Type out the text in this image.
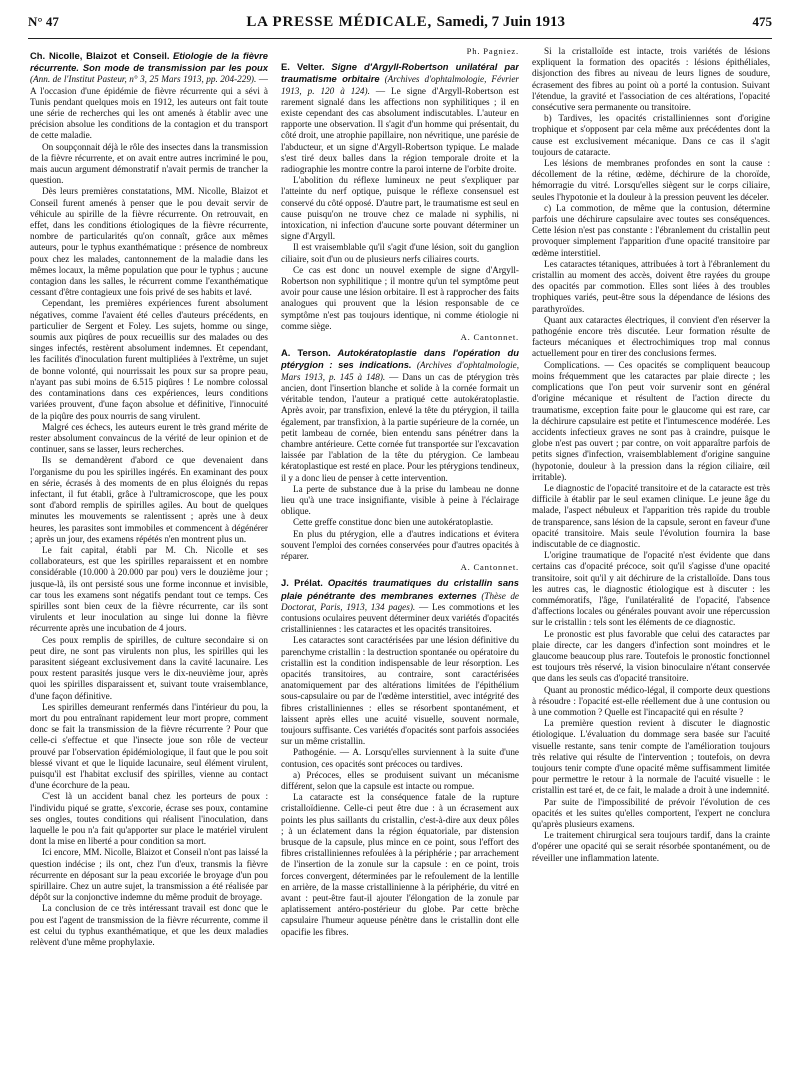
N° 47	LA PRESSE MÉDICALE, Samedi, 7 Juin 1913	475

Ch. Nicolle, Blaizot et Conseil. Etiologie de la fièvre récurrente. Son mode de transmission par les poux (Ann. de l'Institut Pasteur, n° 3, 25 Mars 1913, pp. 204-229). — A l'occasion d'une épidémie de fièvre récurrente qui a sévi à Tunis pendant quelques mois en 1912, les auteurs ont fait toute une série de recherches qui les ont amenés à établir avec une précision absolue les conditions de la contagion et du transport de cette maladie.

On soupçonnait déjà le rôle des insectes dans la transmission de la fièvre récurrente, et on avait entre autres incriminé le pou, mais aucun argument démonstratif n'avait permis de trancher la question.

Dès leurs premières constatations, MM. Nicolle, Blaizot et Conseil furent amenés à penser que le pou devait servir de véhicule au spirille de la fièvre récurrente. On retrouvait, en effet, dans les conditions étiologiques de la fièvre récurrente, nombre de particularités qu'on connaît, grâce aux mêmes auteurs, pour le typhus exanthématique : présence de nombreux poux chez les malades, cantonnement de la maladie dans les mêmes locaux, la même population que pour le typhus ; aucune contagion dans les salles, le récurrent comme l'exanthématique cessant d'être contagieux une fois privé de ses habits et lavé.

Cependant, les premières expériences furent absolument négatives, comme l'avaient été celles d'auteurs précédents, en particulier de Sergent et Foley. Les sujets, homme ou singe, soumis aux piqûres de poux recueillis sur des malades ou des singes infectés, restèrent absolument indemnes. Et cependant, les facilités d'inoculation furent multipliées à l'extrême, un sujet de bonne volonté, qui nourrissait les poux sur sa propre peau, n'ayant pas subi moins de 6.515 piqûres ! Le nombre colossal des contaminations dans ces expériences, leurs conditions variées prouvent, d'une façon absolue et définitive, l'innocuité de la piqûre des poux nourris de sang virulent.

Malgré ces échecs, les auteurs eurent le très grand mérite de rester absolument convaincus de la vérité de leur opinion et de continuer, sans se lasser, leurs recherches.

Ils se demandèrent d'abord ce que devenaient dans l'organisme du pou les spirilles ingérés. En examinant des poux en série, écrasés à des moments de en plus éloignés du repas infectant, il fut établi, grâce à l'ultramicroscope, que les poux sont d'abord remplis de spirilles agiles. Au bout de quelques minutes les mouvements se ralentissent ; après une à deux heures, les parasites sont immobiles et commencent à dégénérer ; après un jour, des examens répétés n'en montrent plus un.

Le fait capital, établi par M. Ch. Nicolle et ses collaborateurs, est que les spirilles reparaissent et en nombre considérable (10.000 à 20.000 par pou) vers le douzième jour ; jusque-là, ils ont persisté sous une forme inconnue et invisible, car tous les examens sont négatifs pendant tout ce temps. Ces spirilles sont bien ceux de la fièvre récurrente, car ils sont virulents et leur inoculation au singe lui donne la fièvre récurrente après une incubation de 4 jours.

Ces poux remplis de spirilles, de culture secondaire si on peut dire, ne sont pas virulents non plus, les spirilles qui les parasitent siégeant exclusivement dans la cavité lacunaire. Les poux restent parasités jusque vers le dix-neuvième jour, après quoi les spirilles disparaissent et, suivant toute vraisemblance, d'une façon définitive.

Les spirilles demeurant renfermés dans l'intérieur du pou, la mort du pou entraînant rapidement leur mort propre, comment donc se fait la transmission de la fièvre récurrente ? Pour que celle-ci s'effectue et que l'insecte joue son rôle de vecteur prouvé par l'observation épidémiologique, il faut que le pou soit blessé vivant et que le liquide lacunaire, seul élément virulent, puisqu'il est l'habitat exclusif des spirilles, vienne au contact d'une écorchure de la peau.

C'est là un accident banal chez les porteurs de poux : l'individu piqué se gratte, s'excorie, écrase ses poux, contamine ses ongles, toutes conditions qui réalisent l'inoculation, dans laquelle le pou n'a fait qu'apporter sur place le matériel virulent dont la mise en liberté a pour condition sa mort.

Ici encore, MM. Nicolle, Blaizot et Conseil n'ont pas laissé la question indécise ; ils ont, chez l'un d'eux, transmis la fièvre récurrente en déposant sur la peau excoriée le broyage d'un pou spirillaire. Chez un autre sujet, la transmission a été réalisée par dépôt sur la conjonctive indemne du même produit de broyage.

La conclusion de ce très intéressant travail est donc que le pou est l'agent de transmission de la fièvre récurrente, comme il est celui du typhus exanthématique, et que les deux maladies relèvent d'une même prophylaxie.

Ph. Pagniez.

E. Velter. Signe d'Argyll-Robertson unilatéral par traumatisme orbitaire (Archives d'ophtalmologie, Février 1913, p. 120 à 124). — Le signe d'Argyll-Robertson est rarement signalé dans les affections non syphilitiques ; il en existe cependant des cas absolument indiscutables. L'auteur en rapporte une observation. Il s'agit d'un homme qui présentait, du côté droit, une atrophie papillaire, non névritique, une parésie de l'abducteur, et un signe d'Argyll-Robertson typique. Le malade s'est tiré deux balles dans la région temporale droite et la radiographie les montre contre la paroi interne de l'orbite droite.

L'abolition du réflexe lumineux ne peut s'expliquer par l'atteinte du nerf optique, puisque le réflexe consensuel est conservé du côté opposé. D'autre part, le traumatisme est seul en cause puisqu'on ne trouve chez ce malade ni syphilis, ni intoxication, ni infection d'aucune sorte pouvant déterminer un signe d'Argyll.

Il est vraisemblable qu'il s'agit d'une lésion, soit du ganglion ciliaire, soit d'un ou de plusieurs nerfs ciliaires courts.

Ce cas est donc un nouvel exemple de signe d'Argyll-Robertson non syphilitique ; il montre qu'un tel symptôme peut avoir pour cause une lésion orbitaire. Il est à rapprocher des faits analogues qui prouvent que la lésion responsable de ce symptôme n'est pas toujours identique, ni comme étiologie ni comme siège.

A. Cantonnet.

A. Terson. Autokératoplastie dans l'opération du ptérygion : ses indications. (Archives d'ophtalmologie, Mars 1913, p. 145 à 148). — Dans un cas de ptérygion très ancien, dont l'insertion blanche et solide à la cornée formait un véritable tendon, l'auteur a pratiqué cette autokératoplastie. Après avoir, par transfixion, enlevé la tête du ptérygion, il tailla également, par transfixion, à la partie supérieure de la cornée, un petit lambeau de cornée, bien entendu sans pénétrer dans la chambre antérieure. Cette cornée fut transportée sur l'excavation laissée par l'ablation de la tête du ptérygion. Ce lambeau kératoplastique est resté en place. Pour les ptérygions tendineux, il y a donc lieu de penser à cette intervention.

La perte de substance due à la prise du lambeau ne donne lieu qu'à une trace insignifiante, visible à peine à l'éclairage oblique.

Cette greffe constitue donc bien une autokératoplastie.

En plus du ptérygion, elle a d'autres indications et évitera souvent l'emploi des cornées conservées pour d'autres opacités à réparer.

A. Cantonnet.

J. Prélat. Opacités traumatiques du cristallin sans plaie pénétrante des membranes externes (Thèse de Doctorat, Paris, 1913, 134 pages). — Les commotions et les contusions oculaires peuvent déterminer deux variétés d'opacités cristalliniennes : les cataractes et les opacités transitoires.

Les cataractes sont caractérisées par une lésion définitive du parenchyme cristallin : la destruction spontanée ou opératoire du cristallin est la condition indispensable de leur résorption. Les opacités transitoires, au contraire, sont caractérisées anatomiquement par des altérations limitées de l'épithélium sous-capsulaire ou par de l'œdème interstitiel, avec intégrité des fibres cristalliniennes : elles se résorbent spontanément, et laissent après elles une acuité visuelle, souvent normale, toujours suffisante. Ces variétés d'opacités sont parfois associées sur un même cristallin.

Pathogénie. — A. Lorsqu'elles surviennent à la suite d'une contusion, ces opacités sont précoces ou tardives.

a) Précoces, elles se produisent suivant un mécanisme différent, selon que la capsule est intacte ou rompue.

La cataracte est la conséquence fatale de la rupture cristalloïdienne. Celle-ci peut être due : à un écrasement aux points les plus saillants du cristallin, c'est-à-dire aux deux pôles ; à un éclatement dans la région équatoriale, par distension brusque de la capsule, plus mince en ce point, sous l'effort des fibres cristalliniennes refoulées à la périphérie ; par arrachement de l'insertion de la zonule sur la capsule : en ce point, trois forces convergent, déterminées par le refoulement de la lentille en arrière, de la masse cristallinienne à la périphérie, du vitré en avant : peut-être faut-il ajouter l'élongation de la zonule par aplatissement antéro-postérieur du globe. Par cette brèche capsulaire l'humeur aqueuse pénètre dans le cristallin dont elle opacifie les fibres.

Si la cristalloïde est intacte, trois variétés de lésions expliquent la formation des opacités : lésions épithéliales, disjonction des fibres au niveau de leurs lignes de soudure, écrasement des fibres au point où a porté la contusion. Suivant l'étendue, la gravité et l'association de ces altérations, l'opacité consécutive sera permanente ou transitoire.

b) Tardives, les opacités cristalliniennes sont d'origine trophique et s'opposent par cela même aux précédentes dont la cause est exclusivement mécanique. Dans ce cas il s'agit toujours de cataracte.

Les lésions de membranes profondes en sont la cause : décollement de la rétine, œdème, déchirure de la choroïde, hémorragie du vitré. Lorsqu'elles siègent sur le corps ciliaire, seules l'hypotonie et la douleur à la pression peuvent les déceler.

c) La commotion, de même que la contusion, détermine parfois une déchirure capsulaire avec toutes ses conséquences. Cette lésion n'est pas constante : l'ébranlement du cristallin peut provoquer simplement l'apparition d'une opacité transitoire par œdème interstitiel.

Les cataractes tétaniques, attribuées à tort à l'ébranlement du cristallin au moment des accès, doivent être rayées du groupe des opacités par commotion. Elles sont liées à des troubles trophiques variés, peut-être sous la dépendance de lésions des parathyroïdes.

Quant aux cataractes électriques, il convient d'en réserver la pathogénie encore très discutée. Leur formation résulte de facteurs mécaniques et électrochimiques trop mal connus actuellement pour en tirer des conclusions fermes.

Complications. — Ces opacités se compliquent beaucoup moins fréquemment que les cataractes par plaie directe ; les complications que l'on peut voir survenir sont en général d'origine mécanique et résultent de l'action directe du traumatisme, exception faite pour le glaucome qui est rare, car la déchirure capsulaire est petite et l'intumescence modérée. Les accidents infectieux graves ne sont pas à craindre, puisque le globe n'est pas ouvert ; par contre, on voit apparaître parfois de petits signes d'infection, vraisemblablement d'origine sanguine (hypotonie, douleur à la pression dans la région ciliaire, œil irritable).

Le diagnostic de l'opacité transitoire et de la cataracte est très difficile à établir par le seul examen clinique. Le jeune âge du malade, l'aspect nébuleux et l'apparition très rapide du trouble de transparence, sans lésion de la capsule, seront en faveur d'une opacité transitoire. Mais seule l'évolution fournira la base indiscutable de ce diagnostic.

L'origine traumatique de l'opacité n'est évidente que dans certains cas d'opacité précoce, soit qu'il s'agisse d'une opacité transitoire, soit qu'il y ait déchirure de la cristalloïde. Dans tous les autres cas, le diagnostic étiologique est à discuter : les commémoratifs, l'âge, l'unilatéralité de l'opacité, l'absence d'affections locales ou générales pouvant avoir une répercussion sur le cristallin : tels sont les éléments de ce diagnostic.

Le pronostic est plus favorable que celui des cataractes par plaie directe, car les dangers d'infection sont moindres et le glaucome beaucoup plus rare. Toutefois le pronostic fonctionnel est toujours très réservé, la vision binoculaire n'étant conservée que dans les seuls cas d'opacité transitoire.

Quant au pronostic médico-légal, il comporte deux questions à résoudre : l'opacité est-elle réellement due à une contusion ou à une commotion ? Quelle est l'incapacité qui en résulte ?

La première question revient à discuter le diagnostic étiologique. L'évaluation du dommage sera basée sur l'acuité visuelle restante, sans tenir compte de l'amélioration toujours très relative qui résulte de l'intervention ; toutefois, on devra toujours tenir compte d'une opacité même suffisamment limitée pour permettre le retour à la normale de l'acuité visuelle : le cristallin est taré et, de ce fait, le malade a droit à une indemnité.

Par suite de l'impossibilité de prévoir l'évolution de ces opacités et les suites qu'elles comportent, l'expert ne conclura qu'après plusieurs examens.

Le traitement chirurgical sera toujours tardif, dans la crainte d'opérer une opacité qui se serait résorbée spontanément, ou de réveiller une inflammation latente.
